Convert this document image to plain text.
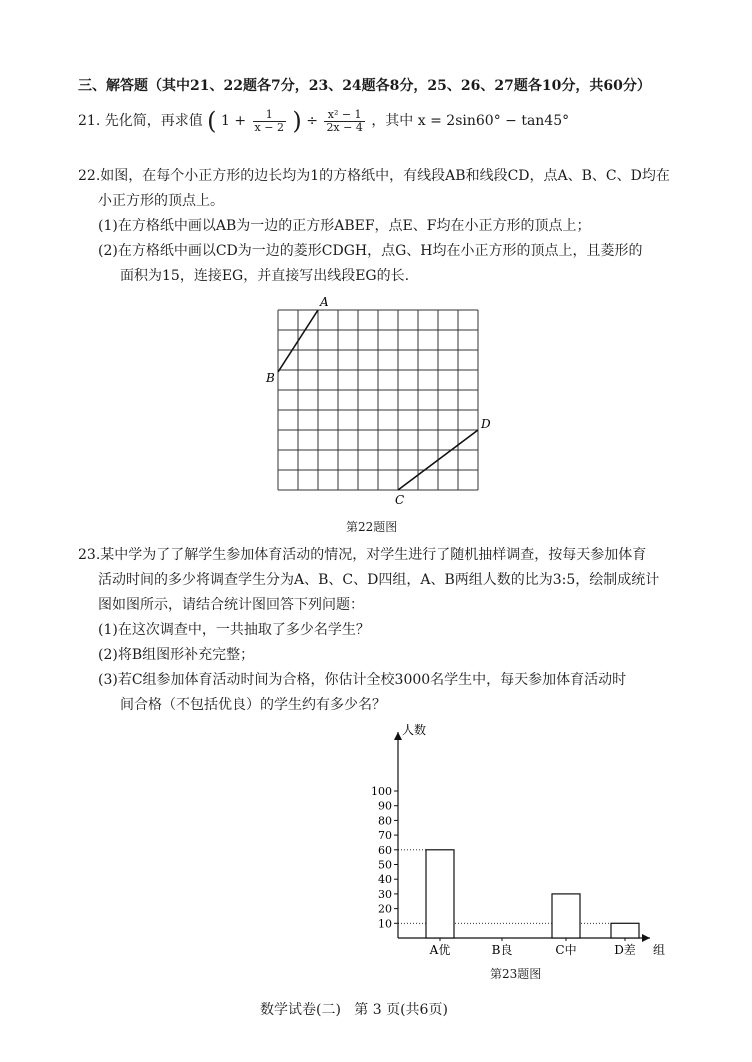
三、解答题（其中21、22题各7分，23、24题各8分，25、26、27题各10分，共60分）
21. 先化简，再求值 ( $1 + \frac{1}{x - 2}$ ) ÷ $\frac{\text{x² − 1}}{2x - 4}$ ，其中 x = 2sin60° − tan45°
22.如图，在每个小正方形的边长均为1的方格纸中，有线段AB和线段CD，点A、B、C、D均在
小正方形的顶点上。
(1)在方格纸中画以AB为一边的正方形ABEF，点E、F均在小正方形的顶点上；
(2)在方格纸中画以CD为一边的菱形CDGH，点G、H均在小正方形的顶点上，且菱形的
面积为15，连接EG，并直接写出线段EG的长.
A
B
C
D
第22题图
23.某中学为了了解学生参加体育活动的情况，对学生进行了随机抽样调查，按每天参加体育
活动时间的多少将调查学生分为A、B、C、D四组，A、B两组人数的比为3:5，绘制成统计
图如图所示，请结合统计图回答下列问题：
(1)在这次调查中，一共抽取了多少名学生？
(2)将B组图形补充完整；
(3)若C组参加体育活动时间为合格，你估计全校3000名学生中，每天参加体育活动时
间合格（不包括优良）的学生约有多少名？
人数
组
10
20
30
40
50
60
70
80
90
100
A优	B良	C中	D差
第23题图
数学试卷(二)   第 3 页(共6页)
